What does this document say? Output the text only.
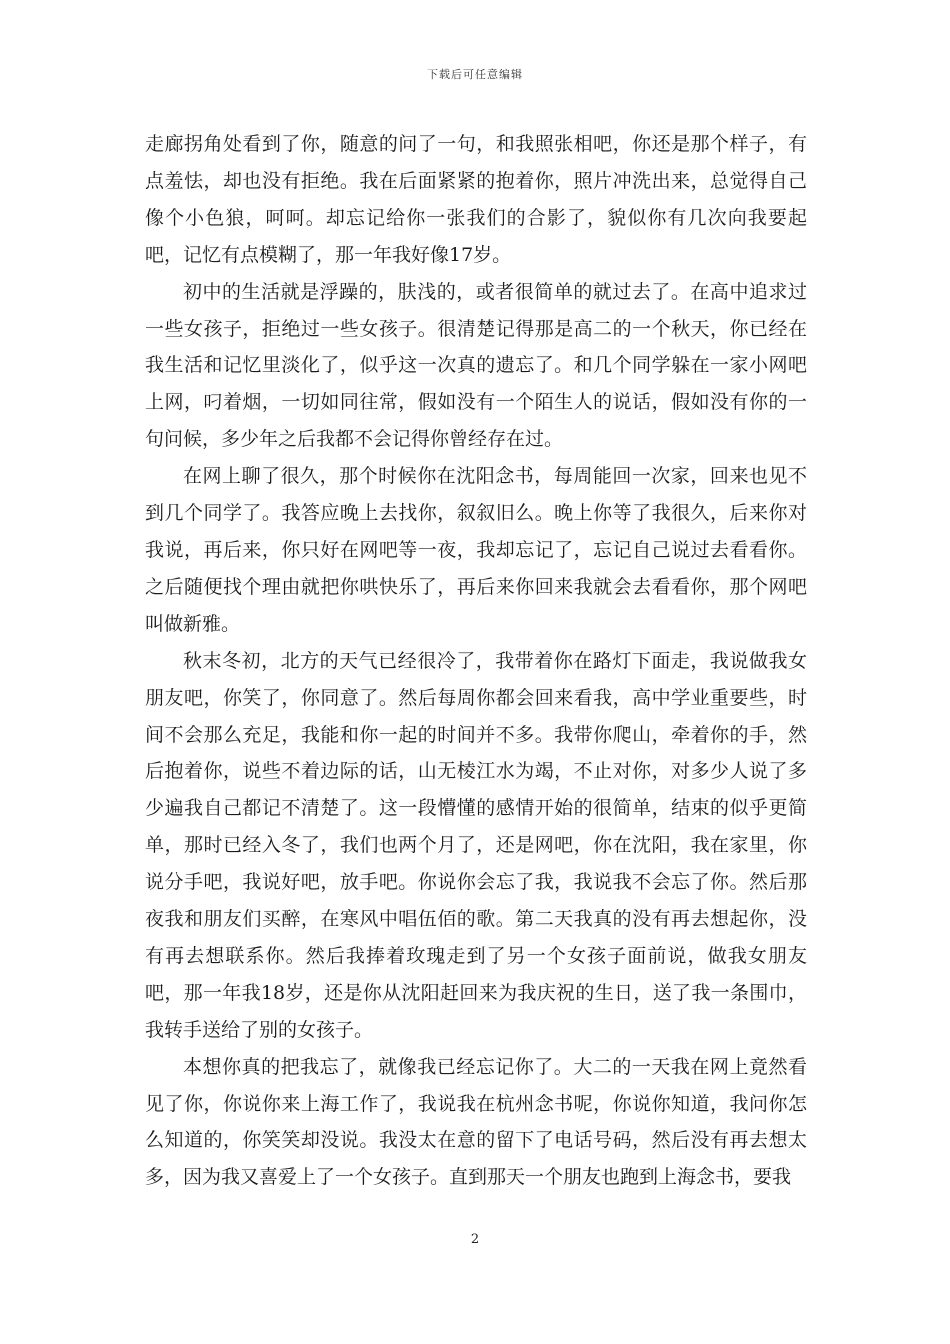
下载后可任意编辑

走廊拐角处看到了你，随意的问了一句，和我照张相吧，你还是那个样子，有点羞怯，却也没有拒绝。我在后面紧紧的抱着你，照片冲洗出来，总觉得自己像个小色狼，呵呵。却忘记给你一张我们的合影了，貌似你有几次向我要起吧，记忆有点模糊了，那一年我好像17岁。

初中的生活就是浮躁的，肤浅的，或者很简单的就过去了。在高中追求过一些女孩子，拒绝过一些女孩子。很清楚记得那是高二的一个秋天，你已经在我生活和记忆里淡化了，似乎这一次真的遗忘了。和几个同学躲在一家小网吧上网，叼着烟，一切如同往常，假如没有一个陌生人的说话，假如没有你的一句问候，多少年之后我都不会记得你曾经存在过。

在网上聊了很久，那个时候你在沈阳念书，每周能回一次家，回来也见不到几个同学了。我答应晚上去找你，叙叙旧么。晚上你等了我很久，后来你对我说，再后来，你只好在网吧等一夜，我却忘记了，忘记自己说过去看看你。之后随便找个理由就把你哄快乐了，再后来你回来我就会去看看你，那个网吧叫做新雅。

秋末冬初，北方的天气已经很冷了，我带着你在路灯下面走，我说做我女朋友吧，你笑了，你同意了。然后每周你都会回来看我，高中学业重要些，时间不会那么充足，我能和你一起的时间并不多。我带你爬山，牵着你的手，然后抱着你，说些不着边际的话，山无棱江水为竭，不止对你，对多少人说了多少遍我自己都记不清楚了。这一段懵懂的感情开始的很简单，结束的似乎更简单，那时已经入冬了，我们也两个月了，还是网吧，你在沈阳，我在家里，你说分手吧，我说好吧，放手吧。你说你会忘了我，我说我不会忘了你。然后那夜我和朋友们买醉，在寒风中唱伍佰的歌。第二天我真的没有再去想起你，没有再去想联系你。然后我捧着玫瑰走到了另一个女孩子面前说，做我女朋友吧，那一年我18岁，还是你从沈阳赶回来为我庆祝的生日，送了我一条围巾，我转手送给了别的女孩子。

本想你真的把我忘了，就像我已经忘记你了。大二的一天我在网上竟然看见了你，你说你来上海工作了，我说我在杭州念书呢，你说你知道，我问你怎么知道的，你笑笑却没说。我没太在意的留下了电话号码，然后没有再去想太多，因为我又喜爱上了一个女孩子。直到那天一个朋友也跑到上海念书，要我

2
